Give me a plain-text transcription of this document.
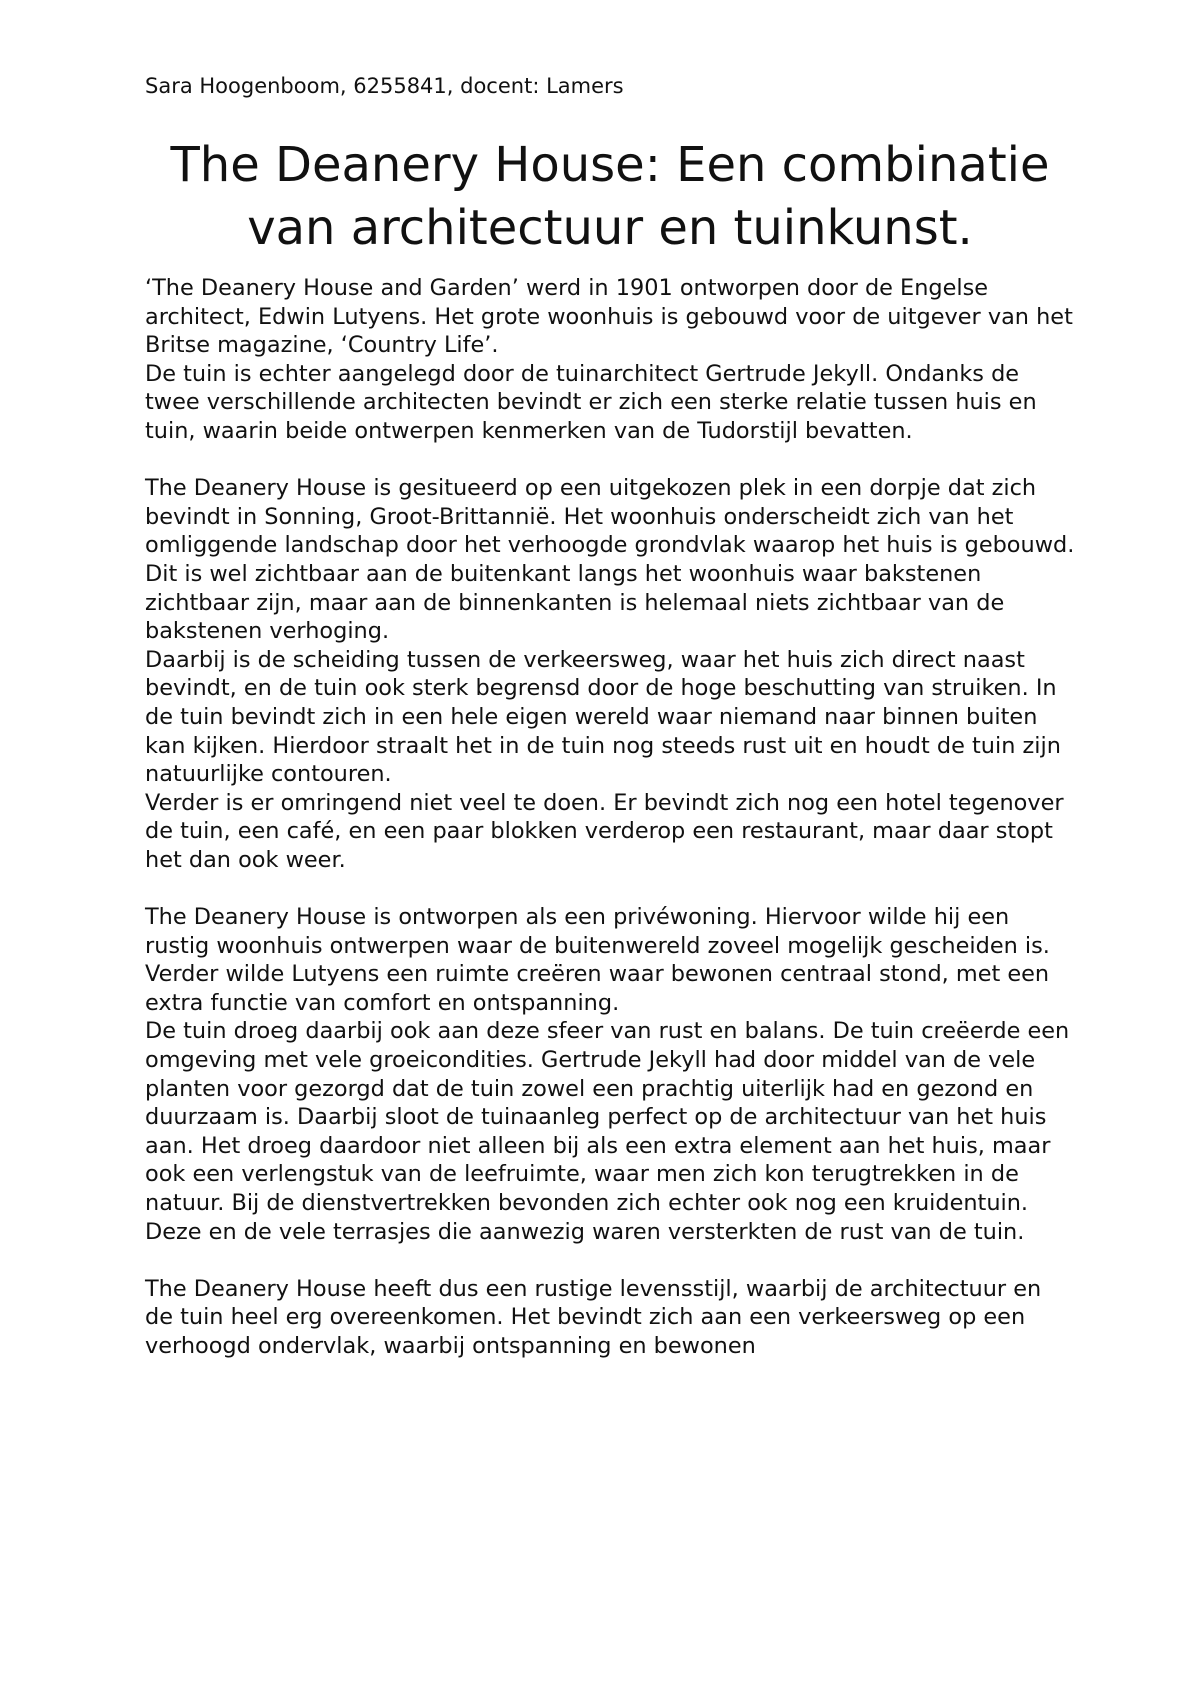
Sara Hoogenboom, 6255841, docent: Lamers
The Deanery House: Een combinatie van architectuur en tuinkunst.

‘The Deanery House and Garden’ werd in 1901 ontworpen door de Engelse architect, Edwin Lutyens. Het grote woonhuis is gebouwd voor de uitgever van het Britse magazine, ‘Country Life’.

De tuin is echter aangelegd door de tuinarchitect Gertrude Jekyll. Ondanks de twee verschillende architecten bevindt er zich een sterke relatie tussen huis en tuin, waarin beide ontwerpen kenmerken van de Tudorstijl bevatten.

The Deanery House is gesitueerd op een uitgekozen plek in een dorpje dat zich bevindt in Sonning, Groot-Brittannië. Het woonhuis onderscheidt zich van het omliggende landschap door het verhoogde grondvlak waarop het huis is gebouwd. Dit is wel zichtbaar aan de buitenkant langs het woonhuis waar bakstenen zichtbaar zijn, maar aan de binnenkanten is helemaal niets zichtbaar van de bakstenen verhoging.

Daarbij is de scheiding tussen de verkeersweg, waar het huis zich direct naast bevindt, en de tuin ook sterk begrensd door de hoge beschutting van struiken. In de tuin bevindt zich in een hele eigen wereld waar niemand naar binnen buiten kan kijken. Hierdoor straalt het in de tuin nog steeds rust uit en houdt de tuin zijn natuurlijke contouren.

Verder is er omringend niet veel te doen. Er bevindt zich nog een hotel tegenover de tuin, een café, en een paar blokken verderop een restaurant, maar daar stopt het dan ook weer.

The Deanery House is ontworpen als een privéwoning. Hiervoor wilde hij een rustig woonhuis ontwerpen waar de buitenwereld zoveel mogelijk gescheiden is.

Verder wilde Lutyens een ruimte creëren waar bewonen centraal stond, met een extra functie van comfort en ontspanning.

De tuin droeg daarbij ook aan deze sfeer van rust en balans. De tuin creëerde een omgeving met vele groeicondities. Gertrude Jekyll had door middel van de vele planten voor gezorgd dat de tuin zowel een prachtig uiterlijk had en gezond en duurzaam is. Daarbij sloot de tuinaanleg perfect op de architectuur van het huis aan. Het droeg daardoor niet alleen bij als een extra element aan het huis, maar ook een verlengstuk van de leefruimte, waar men zich kon terugtrekken in de natuur. Bij de dienstvertrekken bevonden zich echter ook nog een kruidentuin. Deze en de vele terrasjes die aanwezig waren versterkten de rust van de tuin.

The Deanery House heeft dus een rustige levensstijl, waarbij de architectuur en de tuin heel erg overeenkomen. Het bevindt zich aan een verkeersweg op een verhoogd ondervlak, waarbij ontspanning en bewonen
